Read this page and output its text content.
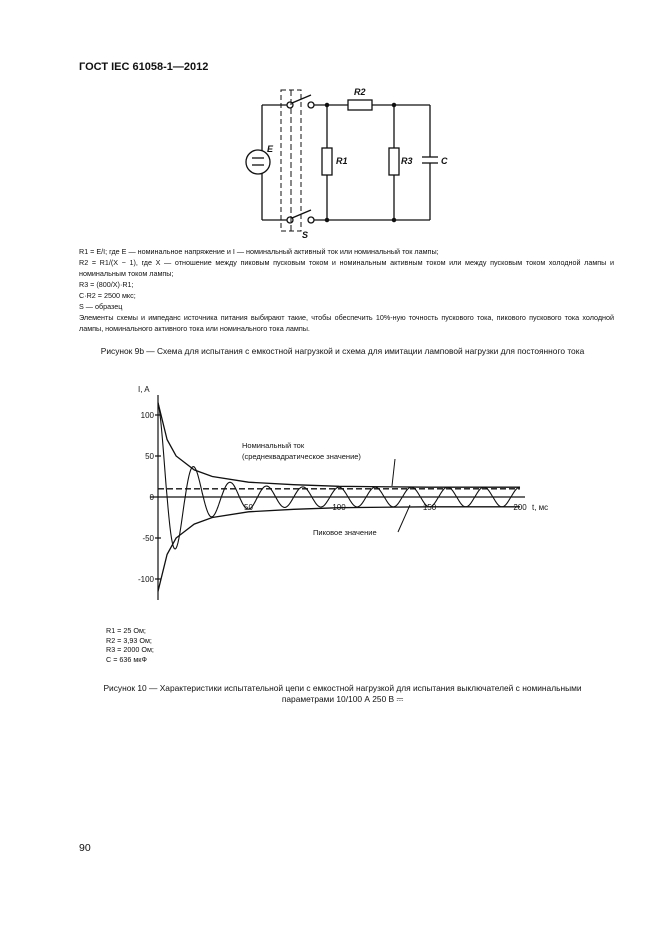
ГОСТ IEC 61058-1—2012
E
R2
R1	R3	C
S
100
50
0
-50
-100
50	100	150	200
I, A
t, мс
Номинальный ток
(среднеквадратическое значение)
Пиковое значение
R1 = E/I; где E — номинальное напряжение и I — номинальный активный ток или номинальный ток лампы;
R2 = R1/(X − 1), где X — отношение между пиковым пусковым током и номинальным активным током или между пусковым током холодной лампы и номинальным током лампы;
R3 = (800/X)·R1;
C·R2 = 2500 мкс;
S — образец
Элементы схемы и импеданс источника питания выбирают такие, чтобы обеспечить 10%-ную точность пускового тока, пикового пускового тока холодной лампы, номинального активного тока или номинального тока лампы.
Рисунок 9b — Схема для испытания с емкостной нагрузкой и схема для имитации ламповой нагрузки для постоянного тока
R1 = 25 Ом;
R2 = 3,93 Ом;
R3 = 2000 Ом;
C = 636 мкФ
Рисунок 10 — Характеристики испытательной цепи с емкостной нагрузкой для испытания выключателей с номинальными параметрами 10/100 А 250 В ⎓
90
